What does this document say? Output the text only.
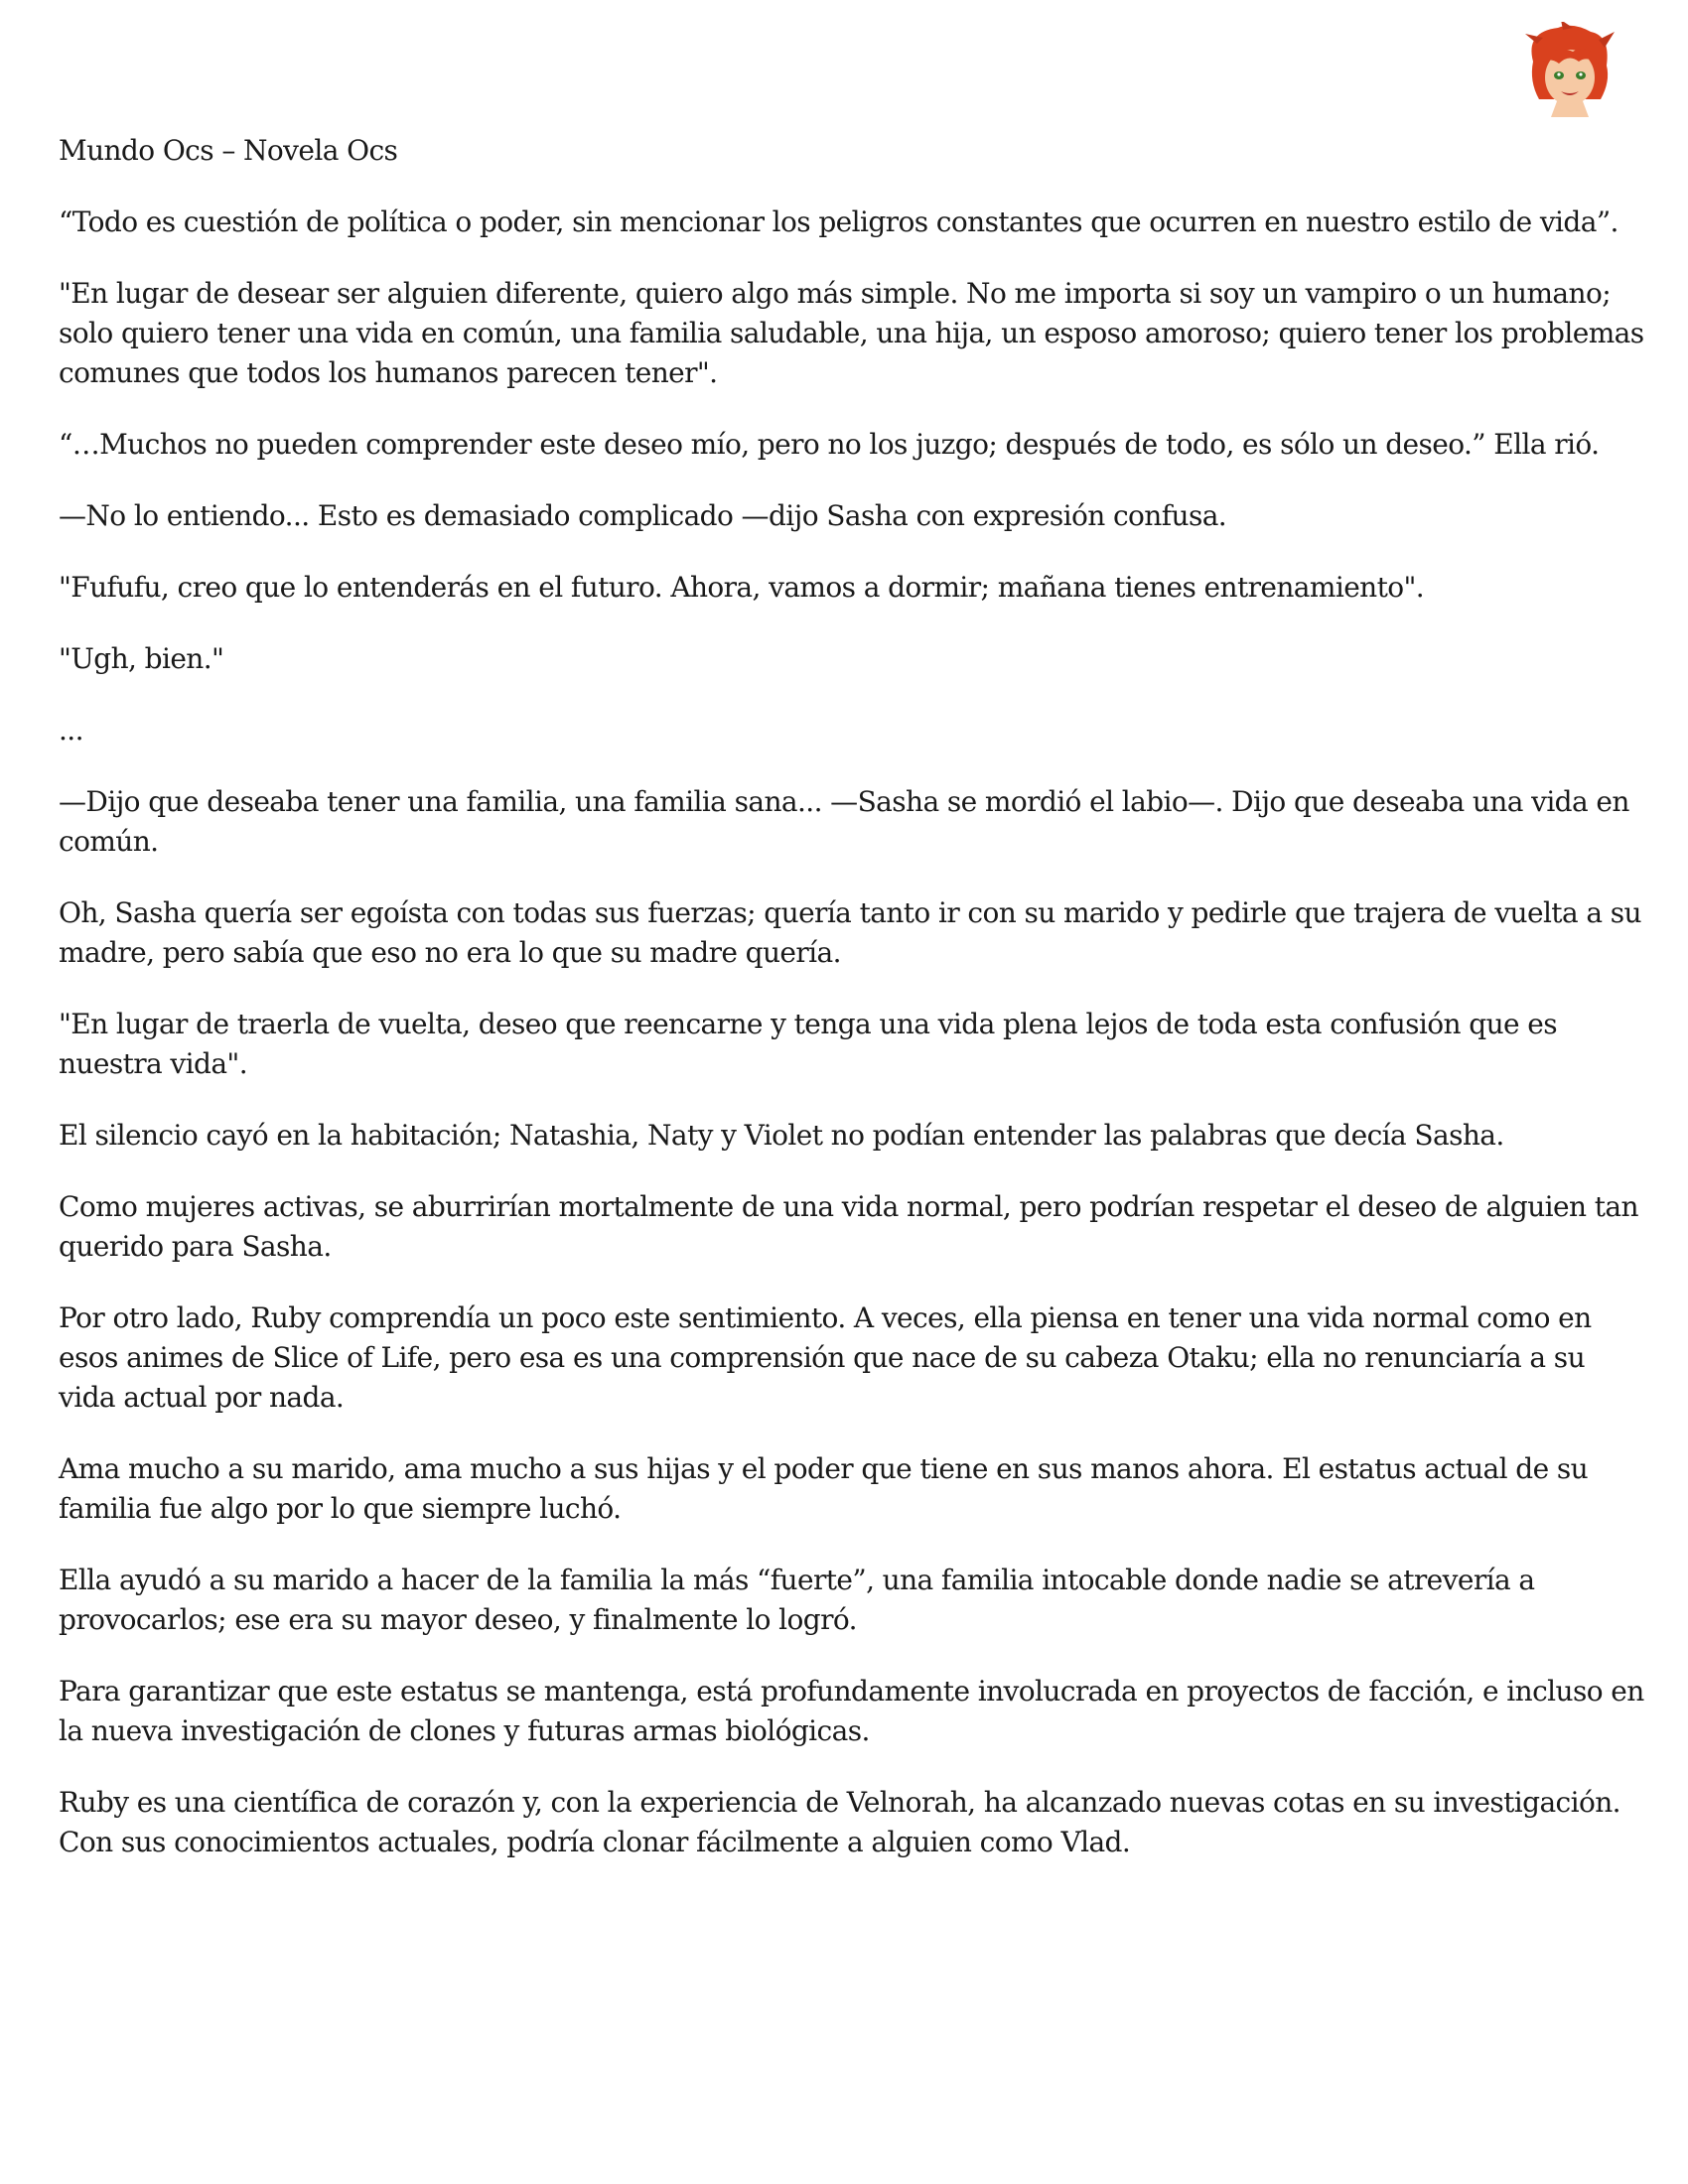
Mundo Ocs – Novela Ocs

“Todo es cuestión de política o poder, sin mencionar los peligros constantes que ocurren en nuestro estilo de vida”.

"En lugar de desear ser alguien diferente, quiero algo más simple. No me importa si soy un vampiro o un humano; solo quiero tener una vida en común, una familia saludable, una hija, un esposo amoroso; quiero tener los problemas comunes que todos los humanos parecen tener".

“…Muchos no pueden comprender este deseo mío, pero no los juzgo; después de todo, es sólo un deseo.” Ella rió.

—No lo entiendo... Esto es demasiado complicado —dijo Sasha con expresión confusa.

"Fufufu, creo que lo entenderás en el futuro. Ahora, vamos a dormir; mañana tienes entrenamiento".

"Ugh, bien."

...

—Dijo que deseaba tener una familia, una familia sana... —Sasha se mordió el labio—. Dijo que deseaba una vida en común.

Oh, Sasha quería ser egoísta con todas sus fuerzas; quería tanto ir con su marido y pedirle que trajera de vuelta a su madre, pero sabía que eso no era lo que su madre quería.

"En lugar de traerla de vuelta, deseo que reencarne y tenga una vida plena lejos de toda esta confusión que es nuestra vida".

El silencio cayó en la habitación; Natashia, Naty y Violet no podían entender las palabras que decía Sasha.

Como mujeres activas, se aburrirían mortalmente de una vida normal, pero podrían respetar el deseo de alguien tan querido para Sasha.

Por otro lado, Ruby comprendía un poco este sentimiento. A veces, ella piensa en tener una vida normal como en esos animes de Slice of Life, pero esa es una comprensión que nace de su cabeza Otaku; ella no renunciaría a su vida actual por nada.

Ama mucho a su marido, ama mucho a sus hijas y el poder que tiene en sus manos ahora. El estatus actual de su familia fue algo por lo que siempre luchó.

Ella ayudó a su marido a hacer de la familia la más “fuerte”, una familia intocable donde nadie se atrevería a provocarlos; ese era su mayor deseo, y finalmente lo logró.

Para garantizar que este estatus se mantenga, está profundamente involucrada en proyectos de facción, e incluso en la nueva investigación de clones y futuras armas biológicas.

Ruby es una científica de corazón y, con la experiencia de Velnorah, ha alcanzado nuevas cotas en su investigación. Con sus conocimientos actuales, podría clonar fácilmente a alguien como Vlad.
